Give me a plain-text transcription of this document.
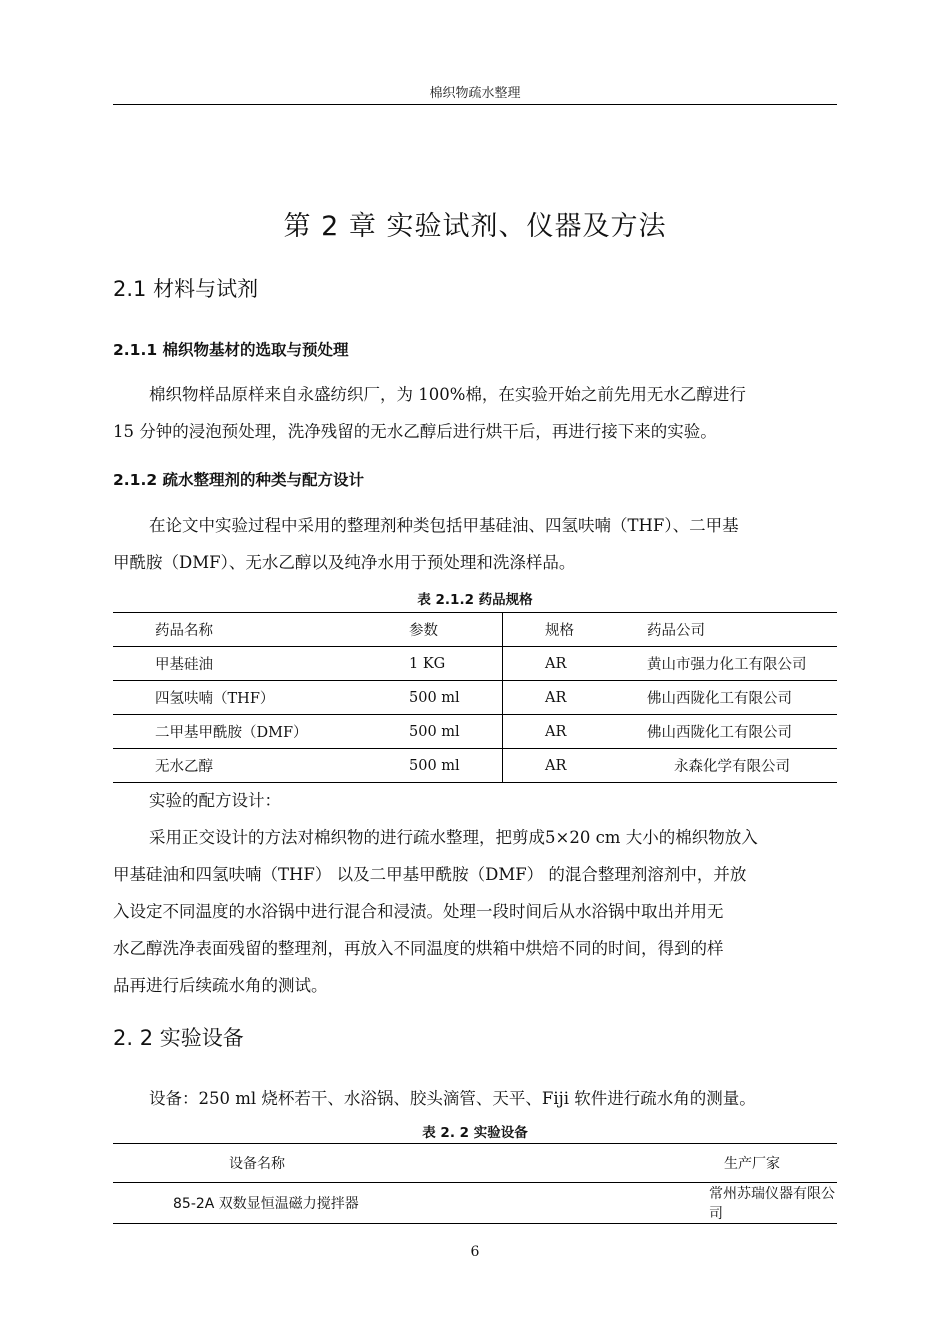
棉织物疏水整理
第 2 章 实验试剂、仪器及方法
2.1 材料与试剂
2.1.1 棉织物基材的选取与预处理
棉织物样品原样来自永盛纺织厂，为 100%棉，在实验开始之前先用无水乙醇进行
15 分钟的浸泡预处理，洗净残留的无水乙醇后进行烘干后，再进行接下来的实验。
2.1.2 疏水整理剂的种类与配方设计
在论文中实验过程中采用的整理剂种类包括甲基硅油、四氢呋喃（THF）、二甲基
甲酰胺（DMF）、无水乙醇以及纯净水用于预处理和洗涤样品。
表 2.1.2 药品规格
药品名称	参数	规格	药品公司
甲基硅油	1 KG	AR	黄山市强力化工有限公司
四氢呋喃（THF）	500 ml	AR	佛山西陇化工有限公司
二甲基甲酰胺（DMF）	500 ml	AR	佛山西陇化工有限公司
无水乙醇	500 ml	AR	永森化学有限公司
实验的配方设计：
采用正交设计的方法对棉织物的进行疏水整理，把剪成5×20 cm 大小的棉织物放入
甲基硅油和四氢呋喃（THF） 以及二甲基甲酰胺（DMF） 的混合整理剂溶剂中，并放
入设定不同温度的水浴锅中进行混合和浸渍。处理一段时间后从水浴锅中取出并用无
水乙醇洗净表面残留的整理剂，再放入不同温度的烘箱中烘焙不同的时间，得到的样
品再进行后续疏水角的测试。
2. 2 实验设备
设备：250 ml 烧杯若干、水浴锅、胶头滴管、天平、Fiji 软件进行疏水角的测量。
表 2. 2 实验设备
设备名称	生产厂家
85-2A 双数显恒温磁力搅拌器	常州苏瑞仪器有限公司
6
